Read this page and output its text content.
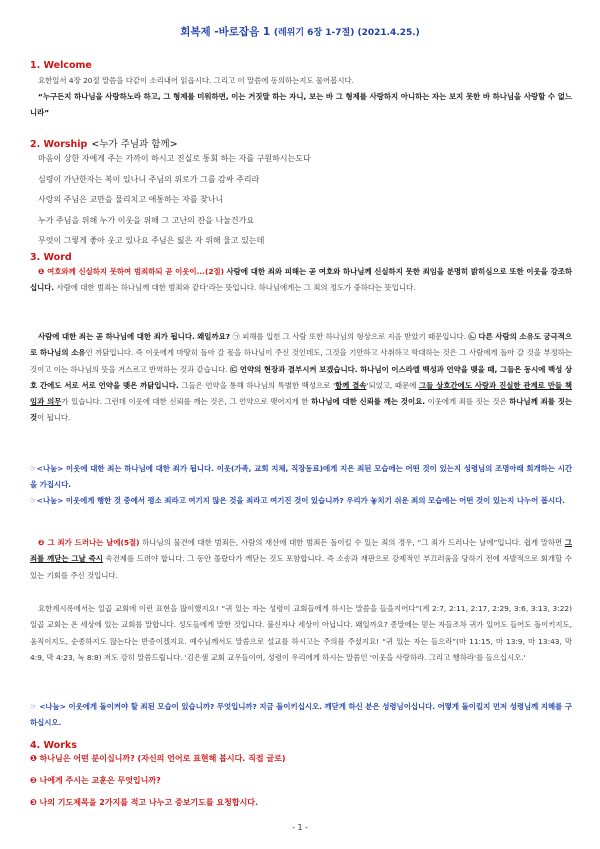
회복제 -바로잡음 1 (레위기 6장 1-7절) (2021.4.25.)
1. Welcome
요한일서 4장 20절 말씀을 다같이 소리내어 읽읍시다. 그리고 이 말씀에 동의하는지도 물어봅시다.
“누구든지 하나님을 사랑하노라 하고, 그 형제를 미워하면, 이는 거짓말 하는 자니, 보는 바 그 형제를 사랑하지 아니하는 자는 보지 못한 바 하나님을 사랑할 수 없느니라”
2. Worship <누가 주님과 함께>
마음이 상한 자에게 주는 가까이 하시고 진실로 통회 하는 자를 구원하시는도다
심령이 가난한자는 복이 있나니 주님의 위로가 그를 감싸 주리라
사랑의 주님은 교만을 물리치고 애통하는 자를 찾나니
누가 주님을 위해 누가 이웃을 위해 그 고난의 잔을 나눌건가요
무엇이 그렇게 좋아 웃고 있나요 주님은 잃은 자 위해 울고 있는데
3. Word
❶ 여호와께 신실하지 못하여 범죄하되 곧 이웃이...(2절) 사람에 대한 죄와 피해는 곧 여호와 하나님께 신실하지 못한 죄임을 분명히 밝히심으로 또한 이웃을 강조하십니다. 사람에 대한 범죄는 하나님께 대한 범죄와 같다’라는 뜻입니다. 하나님에게는 그 죄의 정도가 중하다는 뜻입니다.
사람에 대한 죄는 곧 하나님에 대한 죄가 됩니다. 왜일까요? ㉠ 피해를 입힌 그 사람 또한 하나님의 형상으로 지음 받았기 때문입니다. ㉡ 다른 사람의 소유도 궁극적으로 하나님의 소유인 까닭입니다. 즉 이웃에게 마땅히 돌아 갈 몫을 하나님이 주신 것인데도, 그것을 기만하고 사취하고 학대하는 것은 그 사람에게 돌아 갈 것을 부정하는 것이고 이는 하나님의 뜻을 거스르고 반역하는 것과 같습니다. ㉢ 언약의 현장과 결부시켜 보겠습니다. 하나님이 이스라엘 백성과 언약을 맺을 때, 그들은 동시에 백성 상호 간에도 서로 서로 언약을 맺은 까닭입니다. 그들은 언약을 통해 하나님의 특별한 백성으로 '함께 결속'되었고, 때문에 그들 상호간에도 사랑과 진실한 관계로 만들 책임과 의무가 있습니다. 그런데 이웃에 대한 신뢰를 깨는 것은, 그 언약으로 맺어지게 한 하나님에 대한 신뢰를 깨는 것이요. 이웃에게 죄를 짓는 것은 하나님께 죄를 짓는 것이 됩니다.
☞<나눔> 이웃에 대한 죄는 하나님에 대한 죄가 됩니다. 이웃(가족, 교회 지체, 직장동료)에게 지은 죄된 모습에는 어떤 것이 있는지 성령님의 조명아래 회개하는 시간을 가집시다.
☞<나눔> 이웃에게 행한 것 중에서 평소 죄라고 여기지 않은 것을 죄라고 여기진 것이 있습니까? 우리가 놓치기 쉬운 죄의 모습에는 어떤 것이 있는지 나누어 봅시다.
❷ 그 죄가 드러나는 날에(5절) 하나님의 물건에 대한 범죄든, 사람의 재산에 대한 범죄든 돌이킬 수 있는 죄의 경우, “그 죄가 드러나는 날에”입니다. 쉽게 말하면 그 죄를 깨닫는 그날 즉시 속건제를 드려야 합니다. 그 동안 몰랐다가 깨닫는 것도 포함합니다. 즉 소송과 재판으로 강제적인 부끄러움을 당하기 전에 자발적으로 회개할 수 있는 기회를 주신 것입니다.
요한계시록에서는 일곱 교회에 이런 표현을 많이했지요! “귀 있는 자는 성령이 교회들에게 하시는 말씀을 들을지어다”(계 2:7, 2:11, 2:17, 2:29, 3:6, 3:13, 3:22) 일곱 교회는 온 세상에 있는 교회를 말합니다. 성도들에게 말한 것입니다. 불신자나 세상이 아닙니다. 왜일까요? 종말에는 믿는 자들조차 귀가 있어도 들어도 돌이키지도, 움직이지도, 순종하지도 않는다는 반증이겠지요. 예수님께서도 말씀으로 설교를 하시고는 주의를 주셨지요! “귀 있는 자는 들으라”(마 11:15, 마 13:9, 마 13:43, 막 4:9, 막 4:23, 눅 8:8) 저도 강히 말씀드립니다. '김은샘 교회 교우들이여, 성령이 우리에게 하시는 말씀인 '이웃을 사랑하라. 그리고 행하라'를 들으십시오.'
☞ <나눔> 이웃에게 돌이켜야 할 죄된 모습이 있습니까? 무엇입니까? 지금 돌이키십시오. 깨닫게 하신 분은 성령님이십니다. 어떻게 돌이킬지 먼저 성령님께 지혜를 구하십시오.
4. Works
❶ 하나님은 어떤 분이십니까? (자신의 언어로 표현해 봅시다. 직접 글로)
❷ 나에게 주시는 교훈은 무엇입니까?
❸ 나의 기도제목을 2가지를 적고 나누고 중보기도를 요청합시다.
- 1 -
